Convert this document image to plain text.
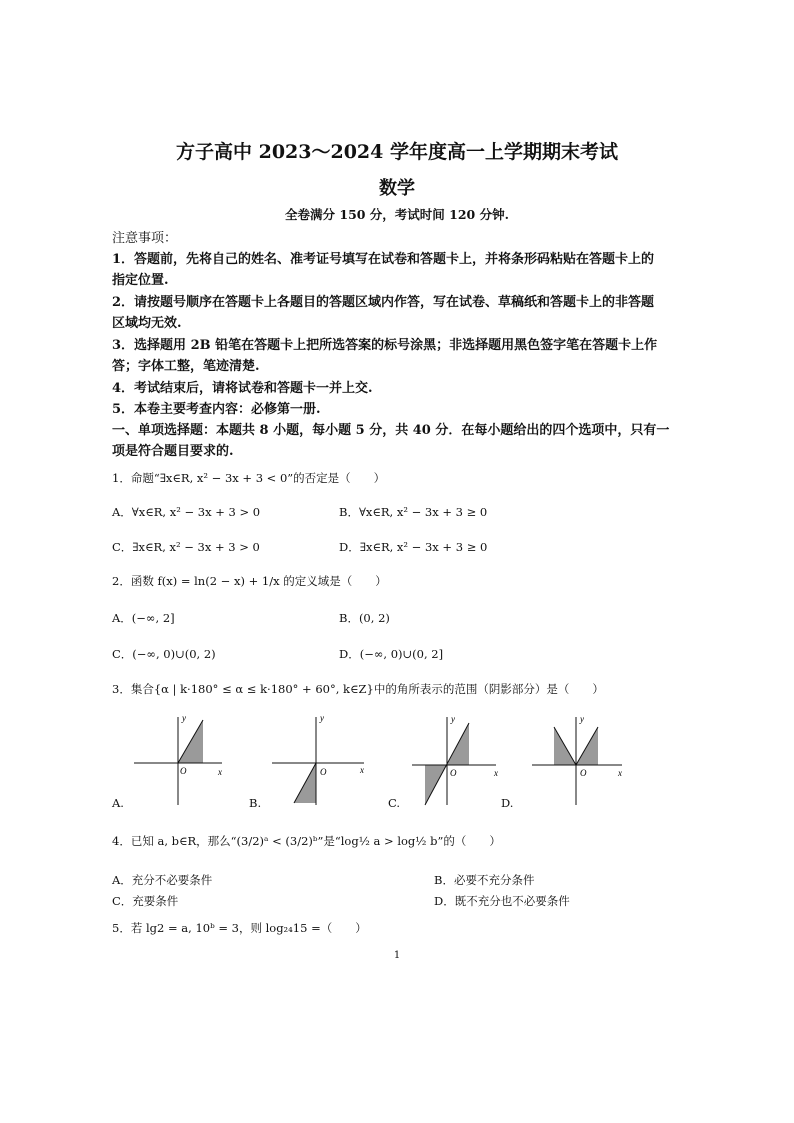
方子高中 2023～2024 学年度高一上学期期末考试
数学
全卷满分 150 分，考试时间 120 分钟.
注意事项：
1．答题前，先将自己的姓名、准考证号填写在试卷和答题卡上，并将条形码粘贴在答题卡上的
指定位置.
2．请按题号顺序在答题卡上各题目的答题区域内作答，写在试卷、草稿纸和答题卡上的非答题
区域均无效.
3．选择题用 2B 铅笔在答题卡上把所选答案的标号涂黑；非选择题用黑色签字笔在答题卡上作
答；字体工整，笔迹清楚.
4．考试结束后，请将试卷和答题卡一并上交.
5．本卷主要考查内容：必修第一册.
一、单项选择题：本题共 8 小题，每小题 5 分，共 40 分．在每小题给出的四个选项中，只有一
项是符合题目要求的.
1．命题“∃x∈R, x² − 3x + 3 < 0”的否定是（　　）
A．∀x∈R, x² − 3x + 3 > 0	B．∀x∈R, x² − 3x + 3 ≥ 0
C．∃x∈R, x² − 3x + 3 > 0	D．∃x∈R, x² − 3x + 3 ≥ 0
2．函数 f(x) = ln(2 − x) + 1/x 的定义域是（　　）
A．(−∞, 2]	B．(0, 2)
C．(−∞, 0)∪(0, 2)	D．(−∞, 0)∪(0, 2]
3．集合{α | k·180° ≤ α ≤ k·180° + 60°, k∈Z}中的角所表示的范围（阴影部分）是（　　）
y
x
O
A.
y
x
O
B.
y
x
O
C.
y
x
O
D.
4．已知 a, b∈R，那么“(3/2)ᵃ < (3/2)ᵇ”是“log½ a > log½ b”的（　　）
A．充分不必要条件	B．必要不充分条件
C．充要条件	D．既不充分也不必要条件
5．若 lg2 = a, 10ᵇ = 3，则 log₂₄15 =（　　）
1
